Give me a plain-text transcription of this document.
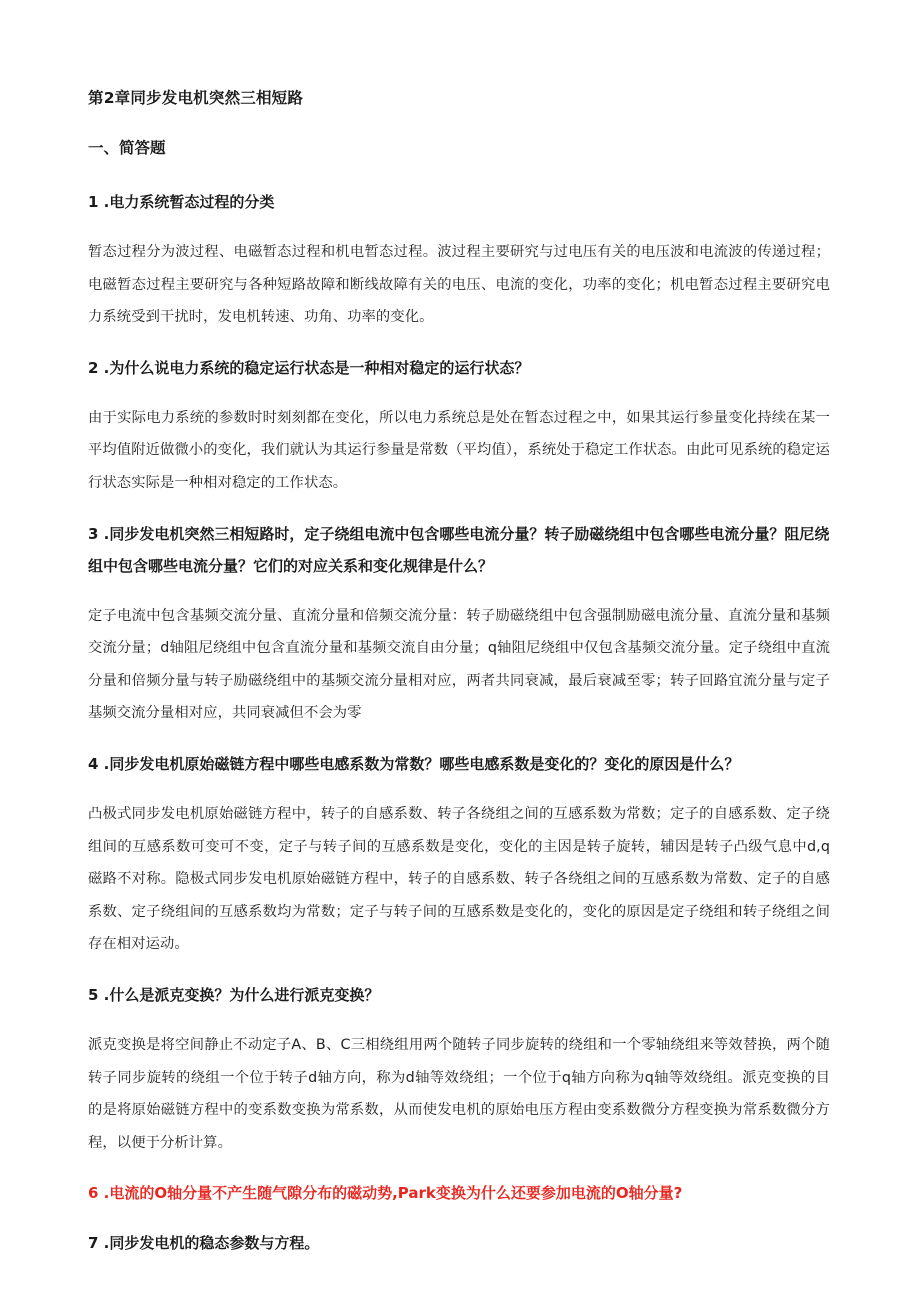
第2章同步发电机突然三相短路
一、简答题
1 .电力系统暂态过程的分类
暂态过程分为波过程、电磁暂态过程和机电暂态过程。波过程主要研究与过电压有关的电压波和电流波的传递过程；电磁暂态过程主要研究与各种短路故障和断线故障有关的电压、电流的变化，功率的变化；机电暂态过程主要研究电力系统受到干扰时，发电机转速、功角、功率的变化。
2 .为什么说电力系统的稳定运行状态是一种相对稳定的运行状态？
由于实际电力系统的参数时时刻刻都在变化，所以电力系统总是处在暂态过程之中，如果其运行参量变化持续在某一平均值附近做微小的变化，我们就认为其运行参量是常数（平均值），系统处于稳定工作状态。由此可见系统的稳定运行状态实际是一种相对稳定的工作状态。
3 .同步发电机突然三相短路时，定子绕组电流中包含哪些电流分量？转子励磁绕组中包含哪些电流分量？阻尼绕组中包含哪些电流分量？它们的对应关系和变化规律是什么？
定子电流中包含基频交流分量、直流分量和倍频交流分量：转子励磁绕组中包含强制励磁电流分量、直流分量和基频交流分量；d轴阻尼绕组中包含直流分量和基频交流自由分量；q轴阻尼绕组中仅包含基频交流分量。定子绕组中直流分量和倍频分量与转子励磁绕组中的基频交流分量相对应，两者共同衰减，最后衰减至零；转子回路宜流分量与定子基频交流分量相对应，共同衰减但不会为零
4 .同步发电机原始磁链方程中哪些电感系数为常数？哪些电感系数是变化的？变化的原因是什么？
凸极式同步发电机原始磁链方程中，转子的自感系数、转子各绕组之间的互感系数为常数；定子的自感系数、定子绕组间的互感系数可变可不变，定子与转子间的互感系数是变化，变化的主因是转子旋转，辅因是转子凸级气息中d,q磁路不对称。隐极式同步发电机原始磁链方程中，转子的自感系数、转子各绕组之间的互感系数为常数、定子的自感系数、定子绕组间的互感系数均为常数；定子与转子间的互感系数是变化的，变化的原因是定子绕组和转子绕组之间存在相对运动。
5 .什么是派克变换？为什么进行派克变换？
派克变换是将空间静止不动定子A、B、C三相绕组用两个随转子同步旋转的绕组和一个零轴绕组来等效替换，两个随转子同步旋转的绕组一个位于转子d轴方向，称为d轴等效绕组；一个位于q轴方向称为q轴等效绕组。派克变换的目的是将原始磁链方程中的变系数变换为常系数，从而使发电机的原始电压方程由变系数微分方程变换为常系数微分方程，以便于分析计算。
6 .电流的O轴分量不产生随气隙分布的磁动势,Park变换为什么还要参加电流的O轴分量?
7 .同步发电机的稳态参数与方程。
